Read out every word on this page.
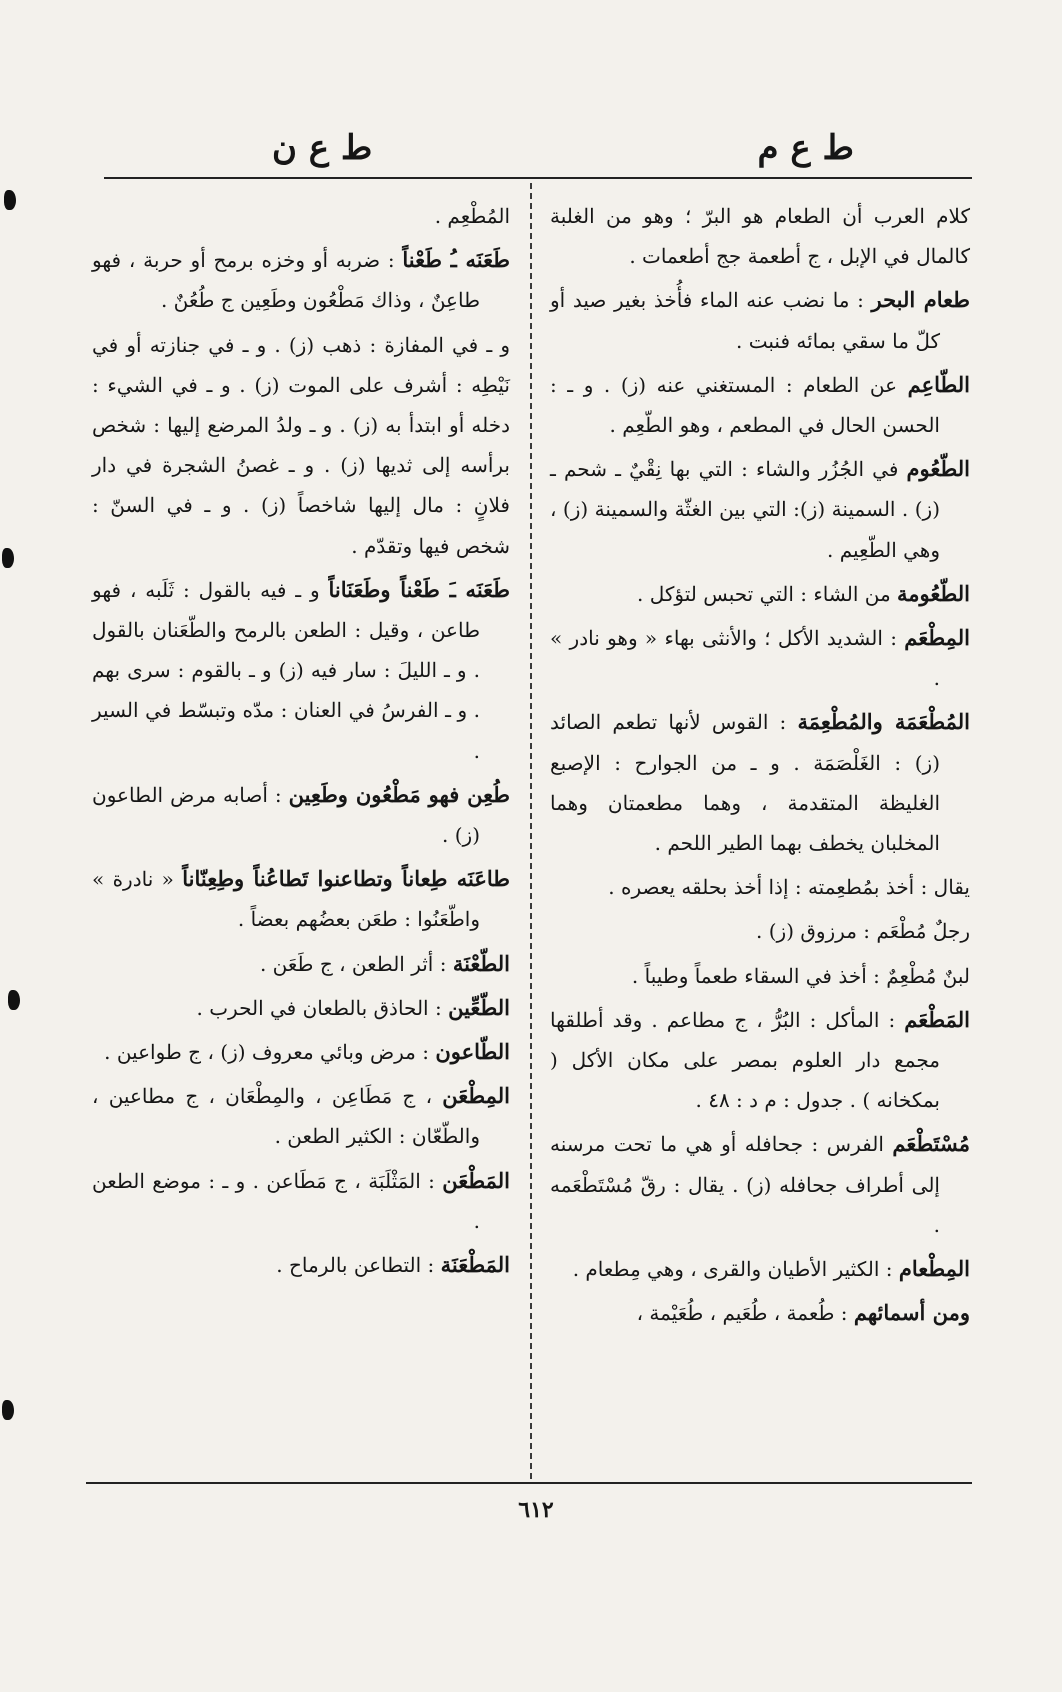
ط ع م
ط ع ن

كلام العرب أن الطعام هو البرّ ؛ وهو من الغلبة كالمال في الإبل ، ج أطعمة جج أطعمات .

طعام البحر : ما نضب عنه الماء فأُخذ بغير صيد أو كلّ ما سقي بمائه فنبت .

الطّاعِم عن الطعام : المستغني عنه (ز) . و ـ : الحسن الحال في المطعم ، وهو الطّعِم .

الطّعُوم في الجُزُر والشاء : التي بها نِقْيٌ ـ شحم ـ (ز) . السمينة (ز): التي بين الغثّة والسمينة (ز) ، وهي الطّعِيم .

الطّعُومة من الشاء : التي تحبس لتؤكل .

المِطْعَم : الشديد الأكل ؛ والأنثى بهاء « وهو نادر » .

المُطْعَمَة والمُطْعِمَة : القوس لأنها تطعم الصائد (ز) : الغَلْصَمَة . و ـ من الجوارح : الإصبع الغليظة المتقدمة ، وهما مطعمتان وهما المخلبان يخطف بهما الطير اللحم .

يقال : أخذ بمُطعِمته : إذا أخذ بحلقه يعصره .

رجلٌ مُطْعَم : مرزوق (ز) .

لبنٌ مُطْعِمٌ : أخذ في السقاء طعماً وطيباً .

المَطْعَم : المأكل : البُرُّ ، ج مطاعم . وقد أطلقها مجمع دار العلوم بمصر على مكان الأكل ( بمكخانه ) . جدول : م د : ٤٨ .

مُسْتَطْعَم الفرس : جحافله أو هي ما تحت مرسنه إلى أطراف جحافله (ز) . يقال : رقّ مُسْتَطْعَمه .

المِطْعام : الكثير الأطيان والقرى ، وهي مِطعام .

ومن أسمائهم : طُعمة ، طُعَيم ، طُعَيْمة ،

المُطْعِم .

طَعَنَه ـُ طَعْناً : ضربه أو وخزه برمح أو حربة ، فهو طاعِنٌ ، وذاك مَطْعُون وطَعِين ج طُعُنٌ .

و ـ في المفازة : ذهب (ز) . و ـ في جنازته أو في نَيْطِه : أشرف على الموت (ز) . و ـ في الشيء : دخله أو ابتدأ به (ز) . و ـ ولدُ المرضع إليها : شخص برأسه إلى ثديها (ز) . و ـ غصنُ الشجرة في دار فلانٍ : مال إليها شاخصاً (ز) . و ـ في السنّ : شخص فيها وتقدّم .

طَعَنَه ـَ طَعْناً وطَعَنَاناً و ـ فيه بالقول : ثَلَبه ، فهو طاعن ، وقيل : الطعن بالرمح والطّعَنان بالقول . و ـ الليلَ : سار فيه (ز) و ـ بالقوم : سرى بهم . و ـ الفرسُ في العنان : مدّه وتبسّط في السير .

طُعِن فهو مَطْعُون وطَعِين : أصابه مرض الطاعون (ز) .

طاعَنَه طِعاناً وتطاعنوا تَطاعُناً وطِعِنّاناً « نادرة » واطّعَنُوا : طعَن بعضُهم بعضاً .

الطّعْنَة : أثر الطعن ، ج طَعَن .

الطّعِّين : الحاذق بالطعان في الحرب .

الطّاعون : مرض وبائي معروف (ز) ، ج طواعين .

المِطْعَن ، ج مَطَاعِن ، والمِطْعَان ، ج مطاعين ، والطّعّان : الكثير الطعن .

المَطْعَن : المَثْلَبَة ، ج مَطَاعن . و ـ : موضع الطعن .

المَطْعَنَة : التطاعن بالرماح .

٦١٢
